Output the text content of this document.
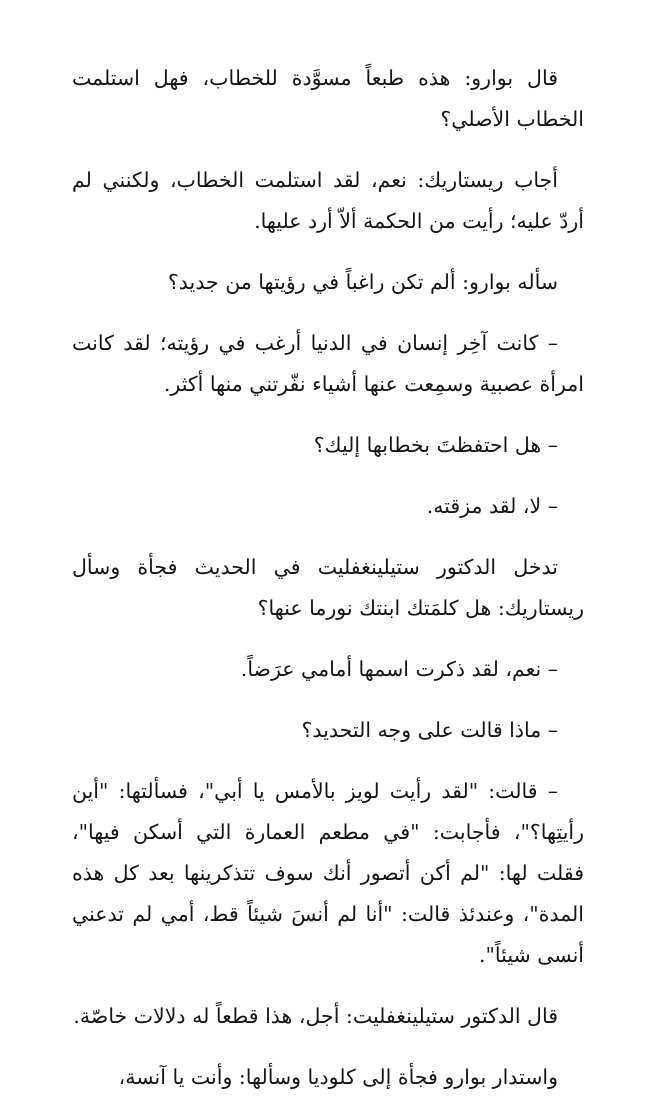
قال بوارو: هذه طبعاً مسوَّدة للخطاب، فهل استلمت الخطاب الأصلي؟

أجاب ريستاريك: نعم، لقد استلمت الخطاب، ولكنني لم أردّ عليه؛ رأيت من الحكمة ألاّ أرد عليها.

سأله بوارو: ألم تكن راغباً في رؤيتها من جديد؟

– كانت آخِر إنسان في الدنيا أرغب في رؤيته؛ لقد كانت امرأة عصبية وسمِعت عنها أشياء نفّرتني منها أكثر.

– هل احتفظتَ بخطابها إليك؟

– لا، لقد مزقته.

تدخل الدكتور ستيلينغفليت في الحديث فجأة وسأل ريستاريك: هل كلمَتك ابنتك نورما عنها؟

– نعم، لقد ذكرت اسمها أمامي عرَضاً.

– ماذا قالت على وجه التحديد؟

– قالت: "لقد رأيت لويز بالأمس يا أبي"، فسألتها: "أين رأيتِها؟"، فأجابت: "في مطعم العمارة التي أسكن فيها"، فقلت لها: "لم أكن أتصور أنك سوف تتذكرينها بعد كل هذه المدة"، وعندئذ قالت: "أنا لم أنسَ شيئاً قط، أمي لم تدعني أنسى شيئاً".

قال الدكتور ستيلينغفليت: أجل، هذا قطعاً له دلالات خاصّة.

واستدار بوارو فجأة إلى كلوديا وسألها: وأنت يا آنسة،
